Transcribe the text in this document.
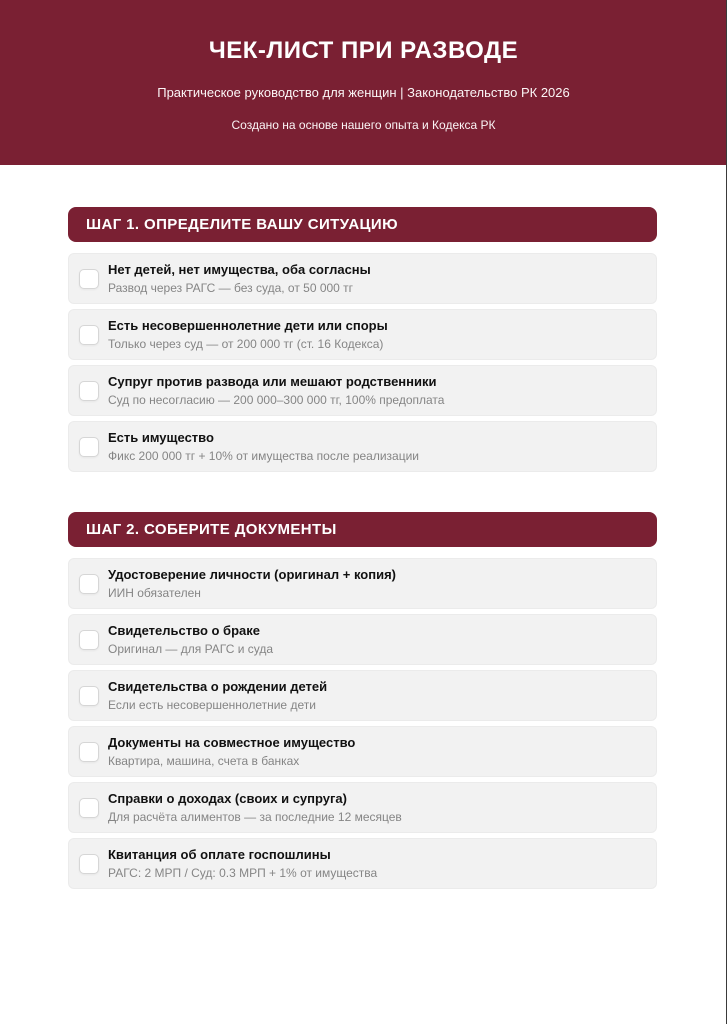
ЧЕК-ЛИСТ ПРИ РАЗВОДЕ

Практическое руководство для женщин | Законодательство РК 2026

Создано на основе нашего опыта и Кодекса РК

ШАГ 1. ОПРЕДЕЛИТЕ ВАШУ СИТУАЦИЮ
Нет детей, нет имущества, оба согласны
Развод через РАГС — без суда, от 50 000 тг
Есть несовершеннолетние дети или споры
Только через суд — от 200 000 тг (ст. 16 Кодекса)
Супруг против развода или мешают родственники
Суд по несогласию — 200 000–300 000 тг, 100% предоплата
Есть имущество
Фикс 200 000 тг + 10% от имущества после реализации
ШАГ 2. СОБЕРИТЕ ДОКУМЕНТЫ
Удостоверение личности (оригинал + копия)
ИИН обязателен
Свидетельство о браке
Оригинал — для РАГС и суда
Свидетельства о рождении детей
Если есть несовершеннолетние дети
Документы на совместное имущество
Квартира, машина, счета в банках
Справки о доходах (своих и супруга)
Для расчёта алиментов — за последние 12 месяцев
Квитанция об оплате госпошлины
РАГС: 2 МРП / Суд: 0.3 МРП + 1% от имущества
